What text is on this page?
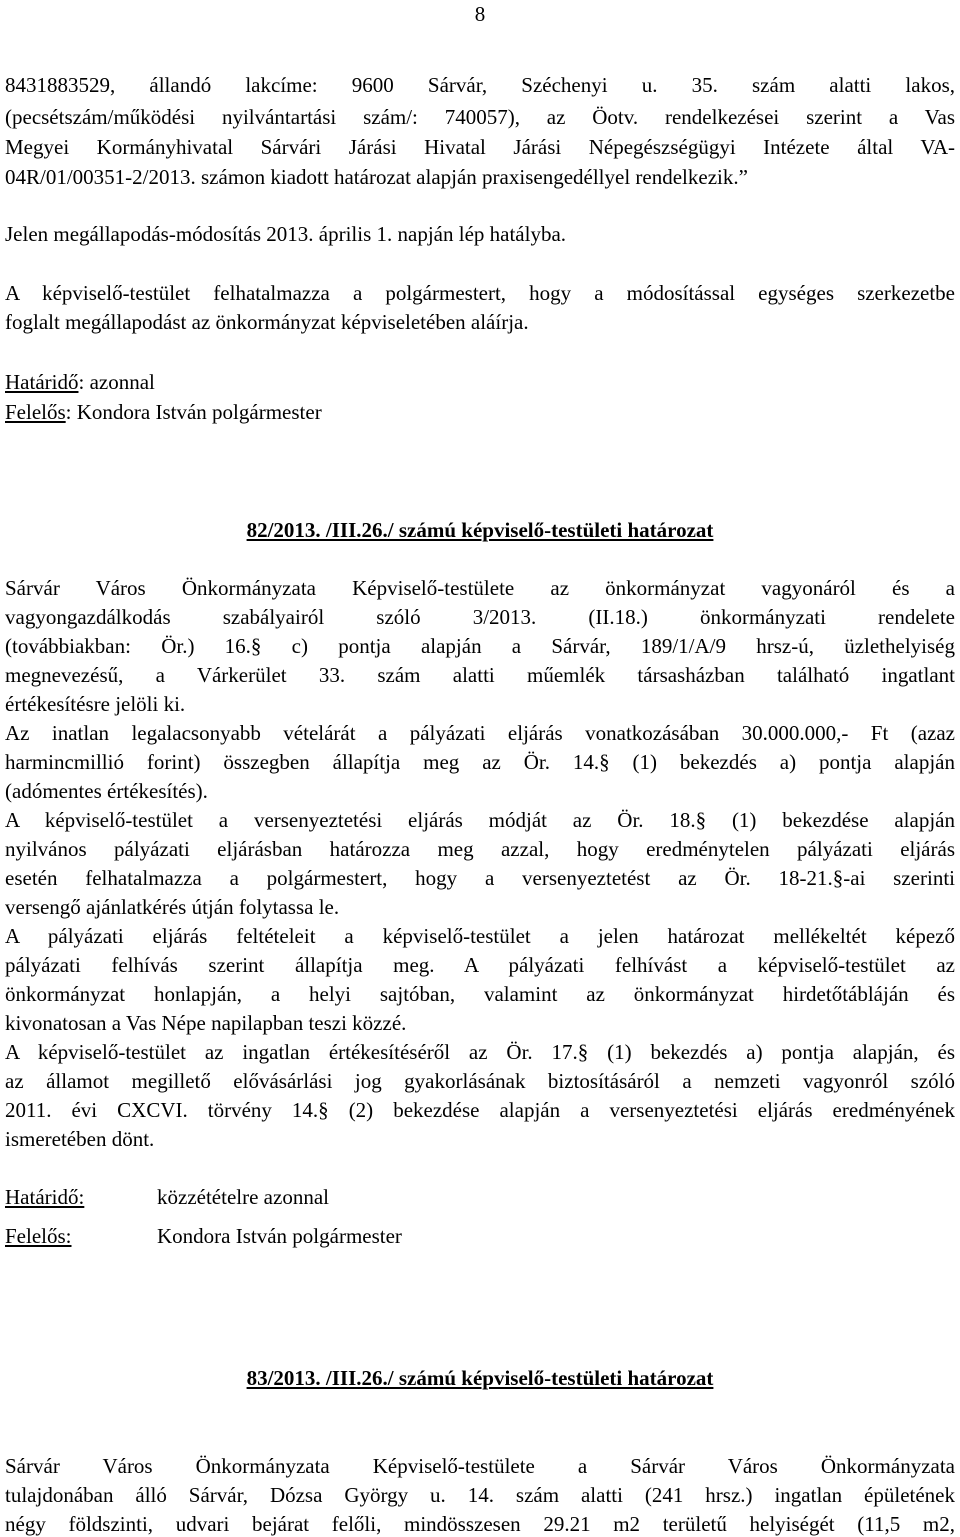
8
8431883529, állandó lakcíme: 9600 Sárvár, Széchenyi u. 35. szám alatti lakos,
(pecsétszám/működési nyilvántartási szám/: 740057), az Öotv. rendelkezései szerint a Vas
Megyei Kormányhivatal Sárvári Járási Hivatal Járási Népegészségügyi Intézete által VA-
04R/01/00351-2/2013. számon kiadott határozat alapján praxisengedéllyel rendelkezik.”
Jelen megállapodás-módosítás 2013. április 1. napján lép hatályba.
A képviselő-testület felhatalmazza a polgármestert, hogy a módosítással egységes szerkezetbe
foglalt megállapodást az önkormányzat képviseletében aláírja.
Határidő: azonnal
Felelős: Kondora István polgármester
82/2013. /III.26./ számú képviselő-testületi határozat
Sárvár Város Önkormányzata Képviselő-testülete az önkormányzat vagyonáról és a
vagyongazdálkodás szabályairól szóló 3/2013. (II.18.) önkormányzati rendelete
(továbbiakban: Ör.) 16.§ c) pontja alapján a Sárvár, 189/1/A/9 hrsz-ú, üzlethelyiség
megnevezésű, a Várkerület 33. szám alatti műemlék társasházban található ingatlant
értékesítésre jelöli ki.
Az inatlan legalacsonyabb vételárát a pályázati eljárás vonatkozásában 30.000.000,- Ft (azaz
harmincmillió forint) összegben állapítja meg az Ör. 14.§ (1) bekezdés a) pontja alapján
(adómentes értékesítés).
A képviselő-testület a versenyeztetési eljárás módját az Ör. 18.§ (1) bekezdése alapján
nyilvános pályázati eljárásban határozza meg azzal, hogy eredménytelen pályázati eljárás
esetén felhatalmazza a polgármestert, hogy a versenyeztetést az Ör. 18-21.§-ai szerinti
versengő ajánlatkérés útján folytassa le.
A pályázati eljárás feltételeit a képviselő-testület a jelen határozat mellékeltét képező
pályázati felhívás szerint állapítja meg. A pályázati felhívást a képviselő-testület az
önkormányzat honlapján, a helyi sajtóban, valamint az önkormányzat hirdetőtábláján és
kivonatosan a Vas Népe napilapban teszi közzé.
A képviselő-testület az ingatlan értékesítéséről az Ör. 17.§ (1) bekezdés a) pontja alapján, és
az államot megillető elővásárlási jog gyakorlásának biztosításáról a nemzeti vagyonról szóló
2011. évi CXCVI. törvény 14.§ (2) bekezdése alapján a versenyeztetési eljárás eredményének
ismeretében dönt.
Határidő:	közzétételre azonnal
Felelős:	Kondora István polgármester
83/2013. /III.26./ számú képviselő-testületi határozat
Sárvár Város Önkormányzata Képviselő-testülete a Sárvár Város Önkormányzata
tulajdonában álló Sárvár, Dózsa György u. 14. szám alatti (241 hrsz.) ingatlan épületének
négy földszinti, udvari bejárat felőli, mindösszesen 29.21 m2 területű helyiségét (11,5 m2,
